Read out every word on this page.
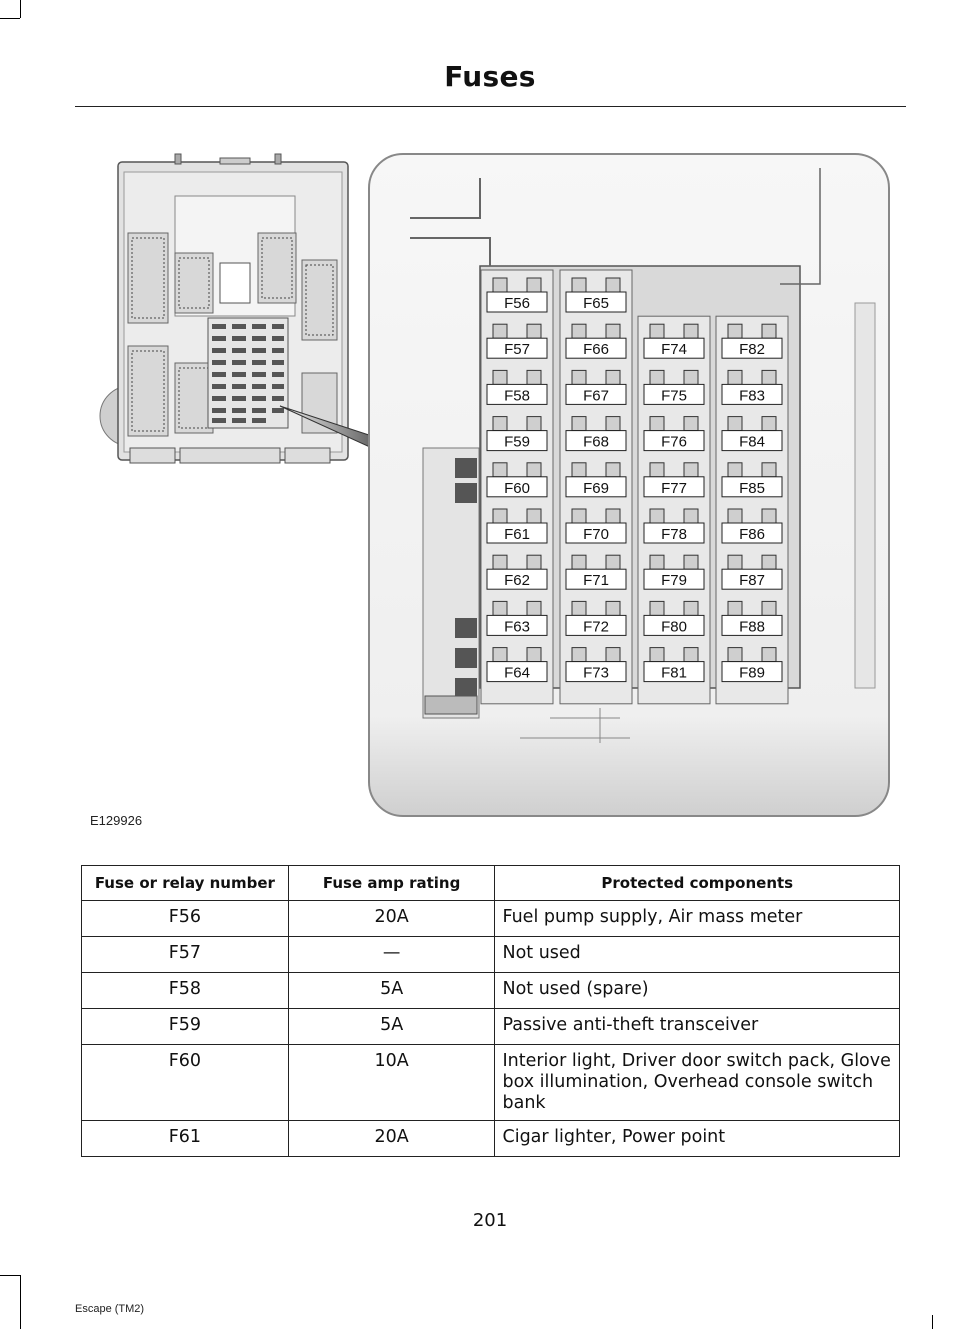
Fuses
F56
F57
F58
F59
F60
F61
F62
F63
F64
F65
F66
F67
F68
F69
F70
F71
F72
F73
F74
F75
F76
F77
F78
F79
F80
F81
F82
F83
F84
F85
F86
F87
F88
F89
E129926
Fuse or relay number	Fuse amp rating	Protected components
F56	20A	Fuel pump supply, Air mass meter
F57	—	Not used
F58	5A	Not used (spare)
F59	5A	Passive anti-theft transceiver
F60	10A	Interior light, Driver door switch pack, Glove box illumination, Overhead console switch bank
F61	20A	Cigar lighter, Power point
201
Escape (TM2)
